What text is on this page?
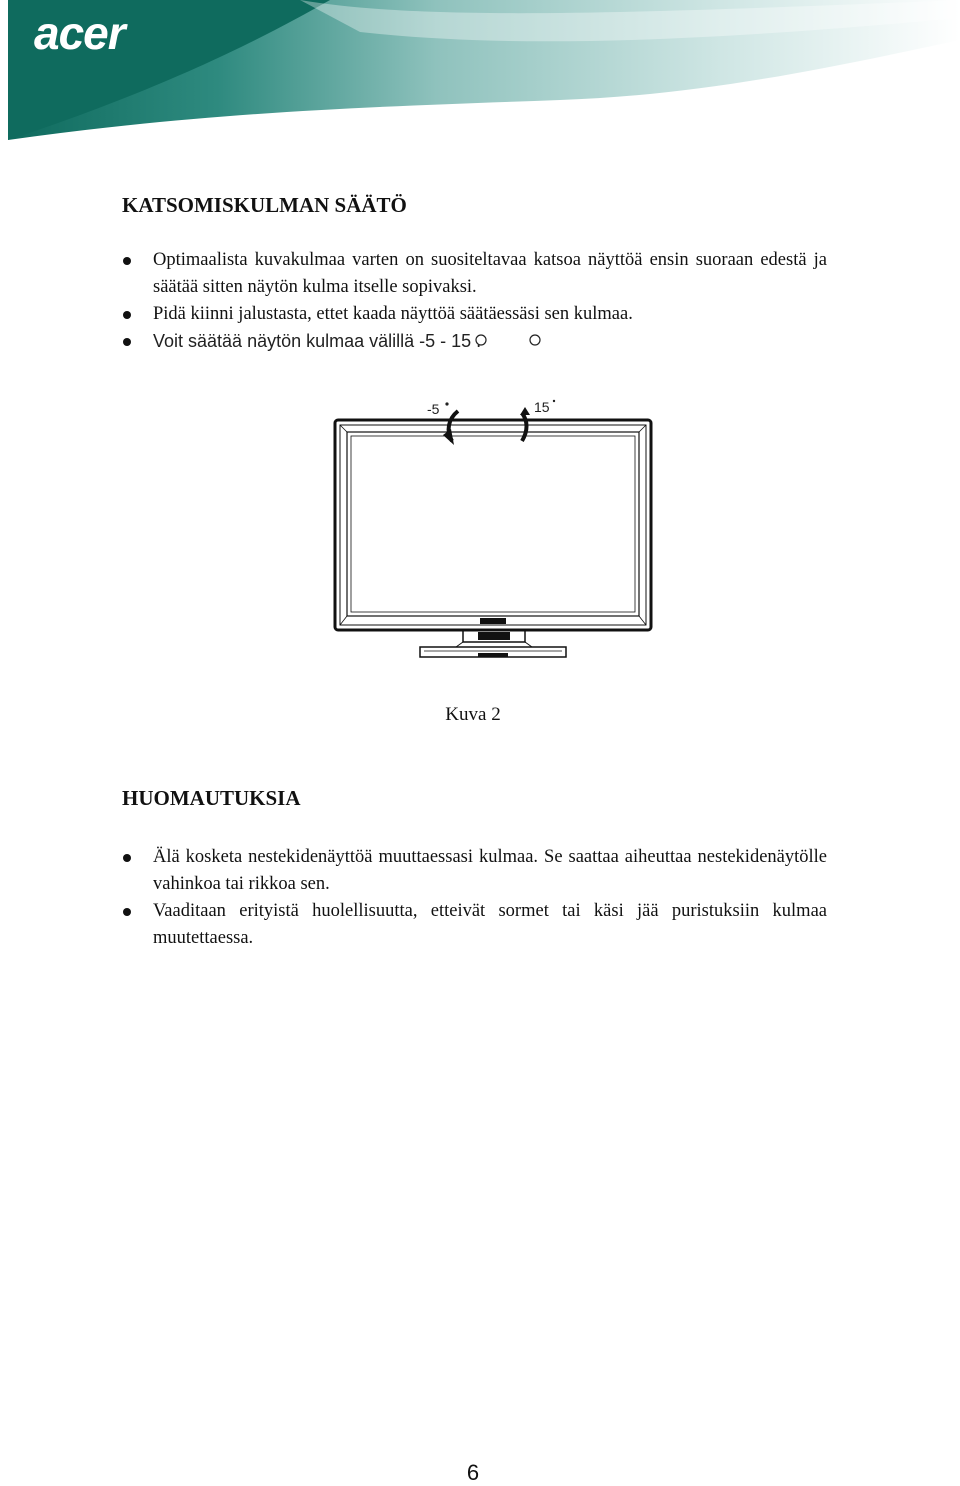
acer
KATSOMISKULMAN SÄÄTÖ
Optimaalista kuvakulmaa varten on suositeltavaa katsoa näyttöä ensin suoraan edestä ja säätää sitten näytön kulma itselle sopivaksi.
Pidä kiinni jalustasta, ettet kaada näyttöä säätäessäsi sen kulmaa.
Voit säätää näytön kulmaa välillä -5 - 15 .
-5	15
Kuva 2
HUOMAUTUKSIA
Älä kosketa nestekidenäyttöä muuttaessasi kulmaa. Se saattaa aiheuttaa nestekidenäytölle vahinkoa tai rikkoa sen.
Vaaditaan erityistä huolellisuutta, etteivät sormet tai käsi jää puristuksiin kulmaa muutettaessa.
6
